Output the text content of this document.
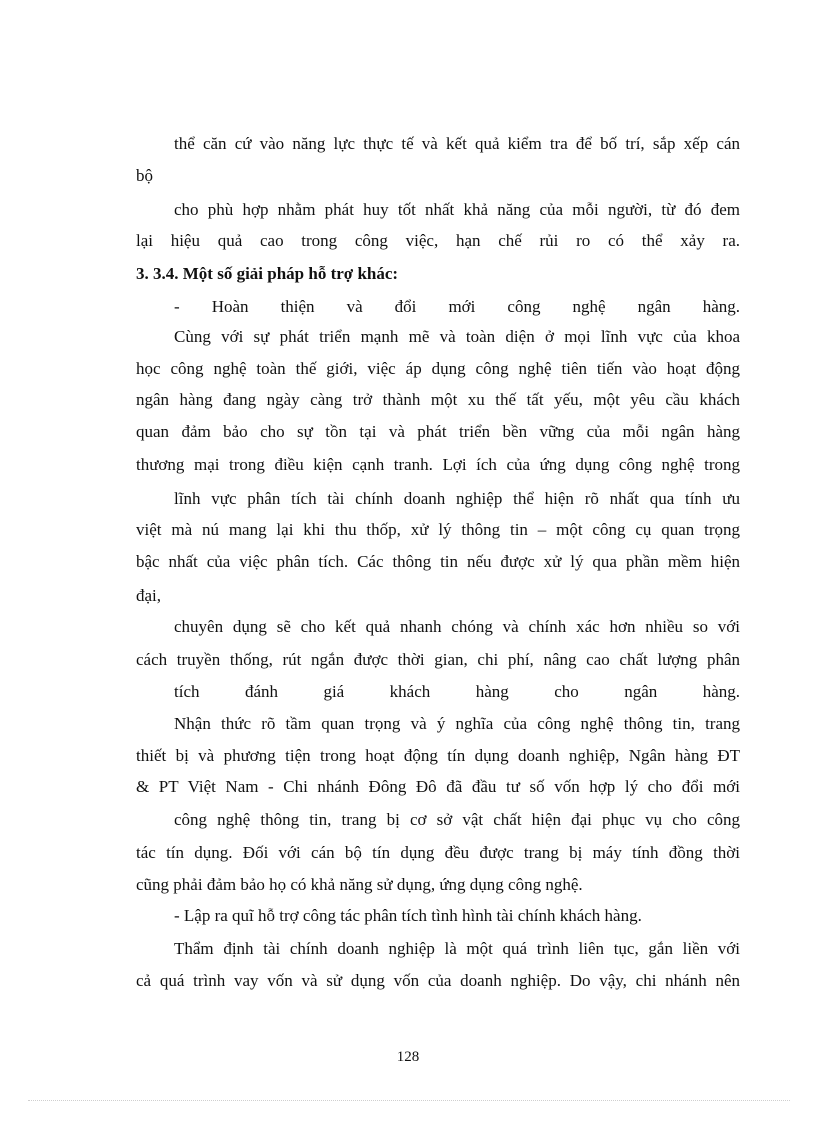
thể căn cứ vào năng lực thực tế và kết quả kiểm tra để bố trí, sắp xếp cán
bộ
cho phù hợp nhằm phát huy tốt nhất khả năng của mỗi người, từ đó đem
lại hiệu quả cao trong công việc, hạn chế rủi ro có thể xảy ra.
3. 3.4. Một số giải pháp hỗ trợ khác:
- Hoàn thiện và đổi mới công nghệ ngân hàng.
Cùng với sự phát triển mạnh mẽ và toàn diện ở mọi lĩnh vực của khoa
học công nghệ toàn thế giới, việc áp dụng công nghệ tiên tiến vào hoạt động
ngân hàng đang ngày càng trở thành một xu thế tất yếu, một yêu cầu khách
quan đảm bảo cho sự tồn tại và phát triển bền vững của mỗi ngân hàng
thương mại trong điều kiện cạnh tranh. Lợi ích của ứng dụng công nghệ trong
lĩnh vực phân tích tài chính doanh nghiệp thể hiện rõ nhất qua tính ưu
việt mà nú mang lại khi thu thốp, xử lý thông tin – một công cụ quan trọng
bậc nhất của việc phân tích. Các thông tin nếu được xử lý qua phần mềm hiện
đại,
chuyên dụng sẽ cho kết quả nhanh chóng và chính xác hơn nhiều so với
cách truyền thống, rút ngắn được thời gian, chi phí, nâng cao chất lượng phân
tích đánh giá khách hàng cho ngân hàng.
Nhận thức rõ tầm quan trọng và ý nghĩa của công nghệ thông tin, trang
thiết bị và phương tiện trong hoạt động tín dụng doanh nghiệp, Ngân hàng ĐT
& PT Việt Nam - Chi nhánh Đông Đô đã đầu tư số vốn hợp lý cho đổi mới
công nghệ thông tin, trang bị cơ sở vật chất hiện đại phục vụ cho công
tác tín dụng. Đối với cán bộ tín dụng đều được trang bị máy tính đồng thời
cũng phải đảm bảo họ có khả năng sử dụng, ứng dụng công nghệ.
- Lập ra quĩ hỗ trợ công tác phân tích tình hình tài chính khách hàng.
Thẩm định tài chính doanh nghiệp là một quá trình liên tục, gắn liền với
cả quá trình vay vốn và sử dụng vốn của doanh nghiệp. Do vậy, chi nhánh nên
128
